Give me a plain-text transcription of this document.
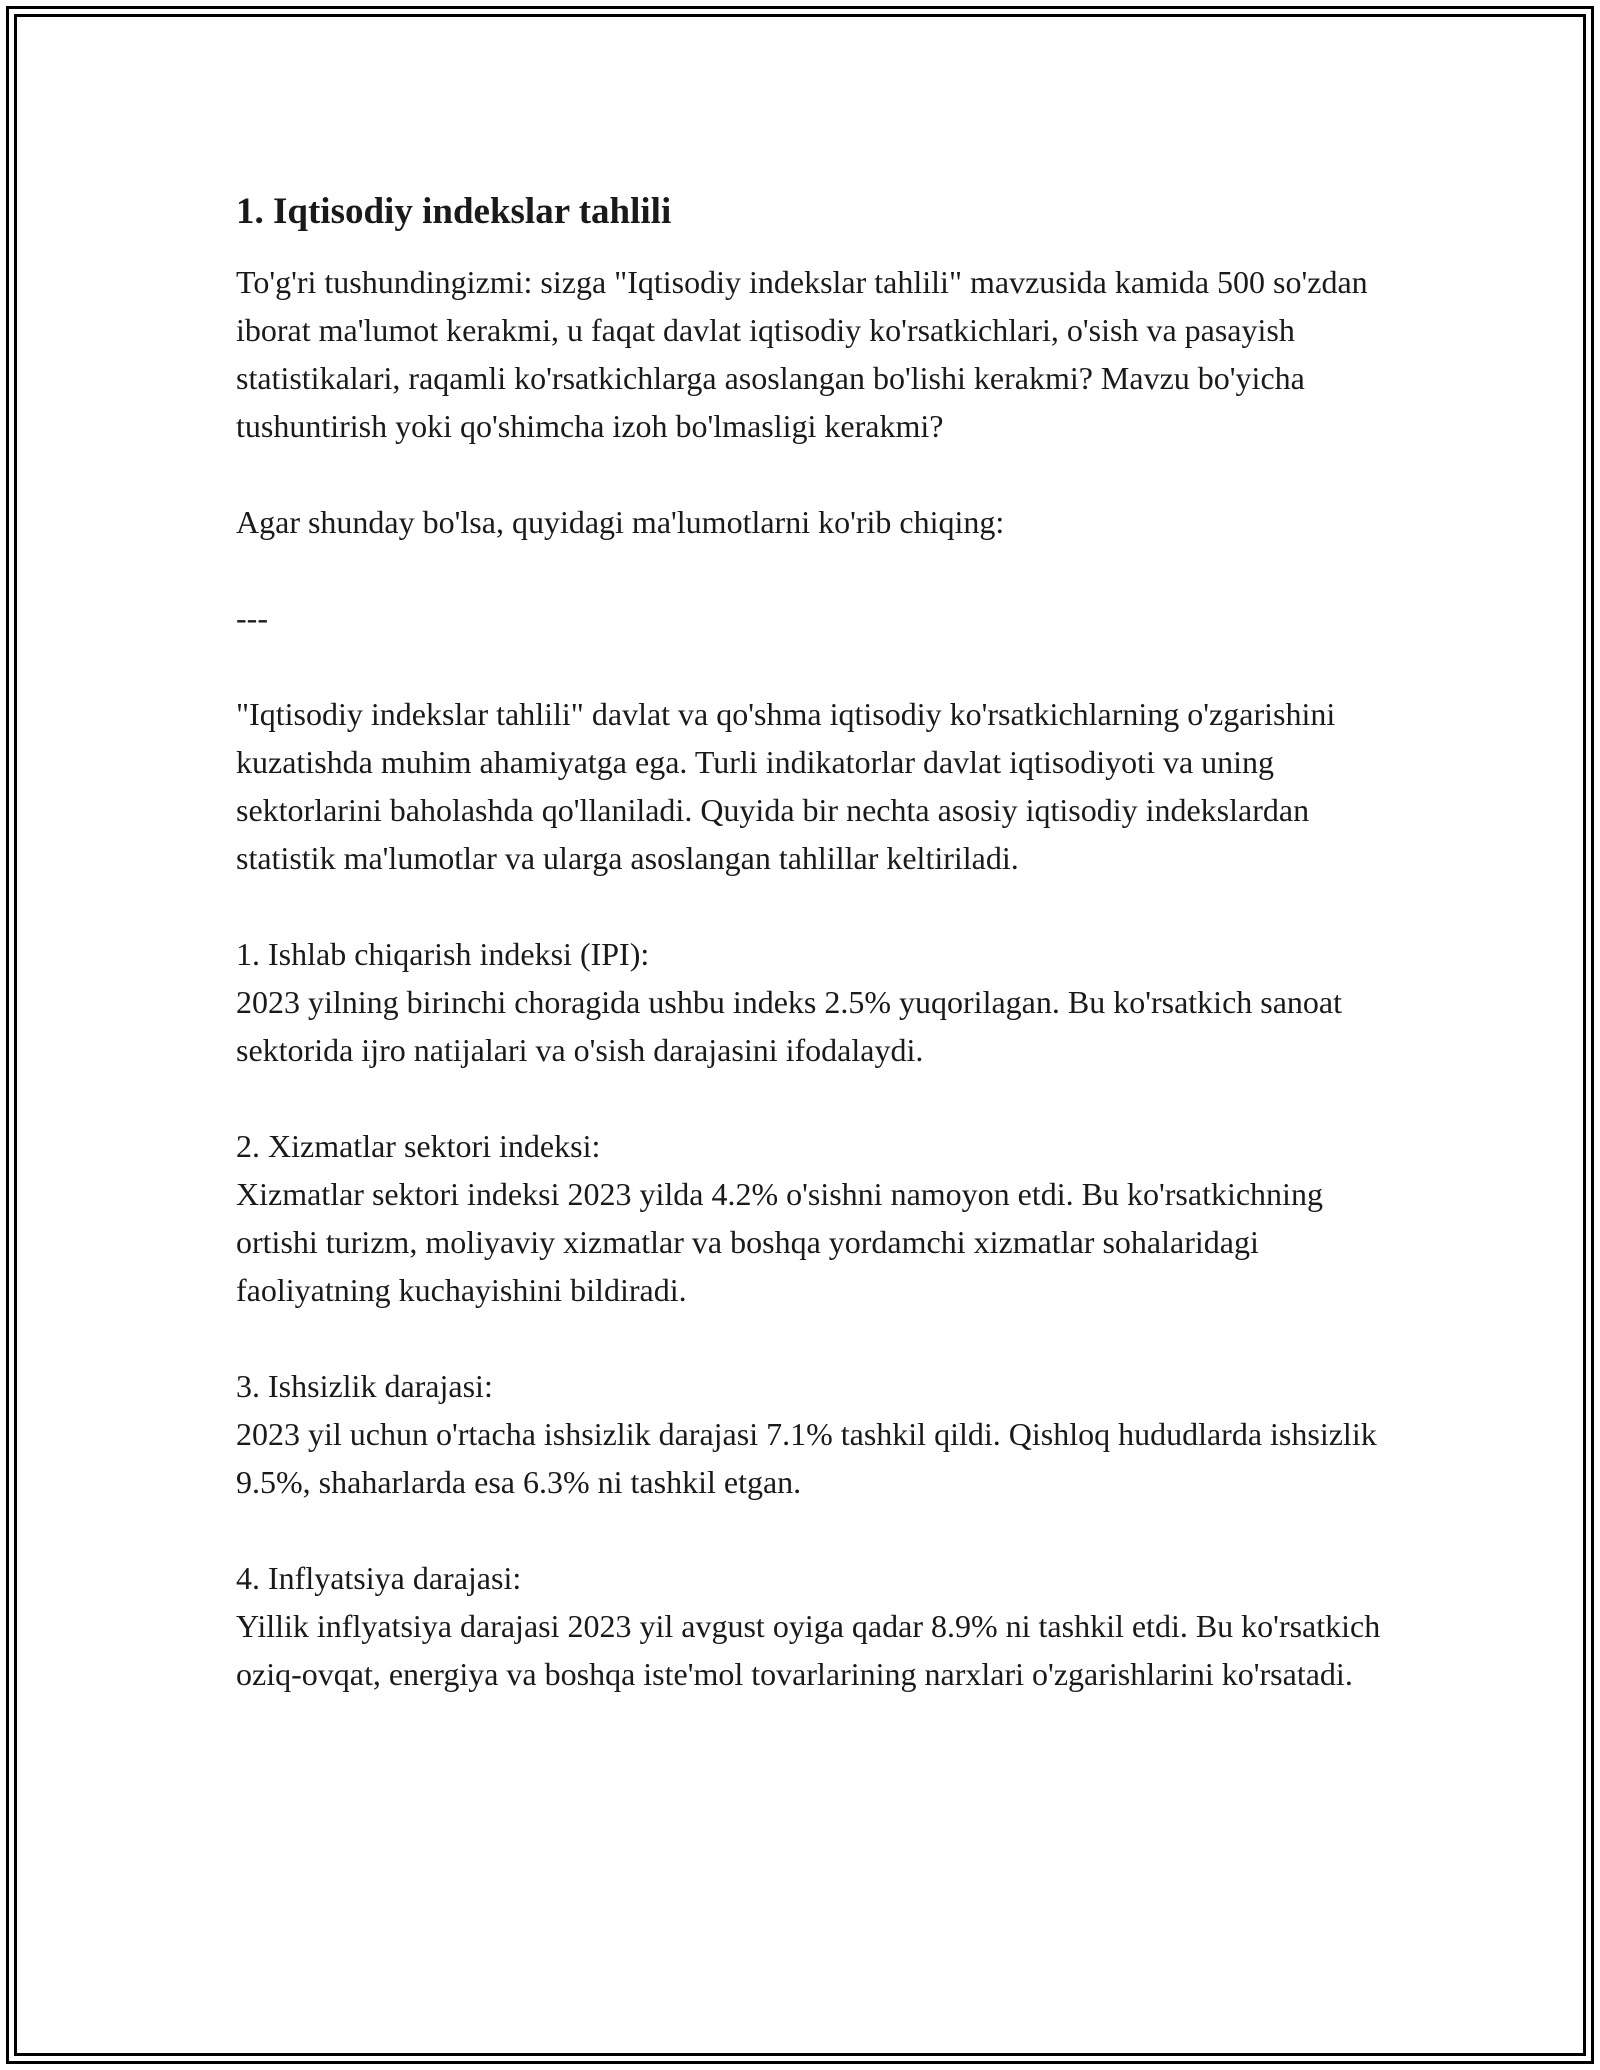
1. Iqtisodiy indekslar tahlili

To'g'ri tushundingizmi: sizga "Iqtisodiy indekslar tahlili" mavzusida kamida 500 so'zdan iborat ma'lumot kerakmi, u faqat davlat iqtisodiy ko'rsatkichlari, o'sish va pasayish statistikalari, raqamli ko'rsatkichlarga asoslangan bo'lishi kerakmi? Mavzu bo'yicha tushuntirish yoki qo'shimcha izoh bo'lmasligi kerakmi?

Agar shunday bo'lsa, quyidagi ma'lumotlarni ko'rib chiqing:

---

"Iqtisodiy indekslar tahlili" davlat va qo'shma iqtisodiy ko'rsatkichlarning o'zgarishini kuzatishda muhim ahamiyatga ega. Turli indikatorlar davlat iqtisodiyoti va uning sektorlarini baholashda qo'llaniladi. Quyida bir nechta asosiy iqtisodiy indekslardan statistik ma'lumotlar va ularga asoslangan tahlillar keltiriladi.

1. Ishlab chiqarish indeksi (IPI):

2023 yilning birinchi choragida ushbu indeks 2.5% yuqorilagan. Bu ko'rsatkich sanoat sektorida ijro natijalari va o'sish darajasini ifodalaydi.

2. Xizmatlar sektori indeksi:

Xizmatlar sektori indeksi 2023 yilda 4.2% o'sishni namoyon etdi. Bu ko'rsatkichning ortishi turizm, moliyaviy xizmatlar va boshqa yordamchi xizmatlar sohalaridagi faoliyatning kuchayishini bildiradi.

3. Ishsizlik darajasi:

2023 yil uchun o'rtacha ishsizlik darajasi 7.1% tashkil qildi. Qishloq hududlarda ishsizlik 9.5%, shaharlarda esa 6.3% ni tashkil etgan.

4. Inflyatsiya darajasi:

Yillik inflyatsiya darajasi 2023 yil avgust oyiga qadar 8.9% ni tashkil etdi. Bu ko'rsatkich oziq-ovqat, energiya va boshqa iste'mol tovarlarining narxlari o'zgarishlarini ko'rsatadi.
